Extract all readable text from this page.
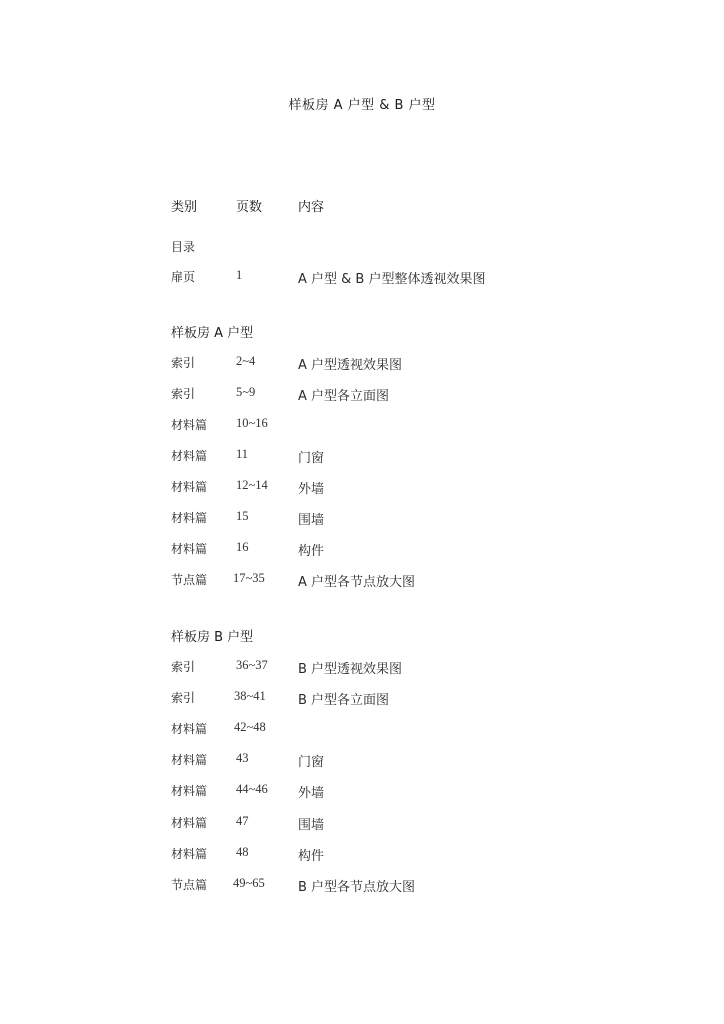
样板房 A 户型 & B 户型
类别	页数	内容
目录
扉页	1	A 户型 & B 户型整体透视效果图
样板房 A 户型
索引	2~4	A 户型透视效果图
索引	5~9	A 户型各立面图
材料篇 10~16
材料篇 11	门窗
材料篇 12~14 外墙
材料篇 15	围墙
材料篇 16	构件
节点篇 17~35	A 户型各节点放大图
样板房 B 户型
索引	36~37 B 户型透视效果图
索引	38~41 B 户型各立面图
材料篇 42~48
材料篇 43	门窗
材料篇 44~46 外墙
材料篇 47	围墙
材料篇 48	构件
节点篇 49~65	B 户型各节点放大图
